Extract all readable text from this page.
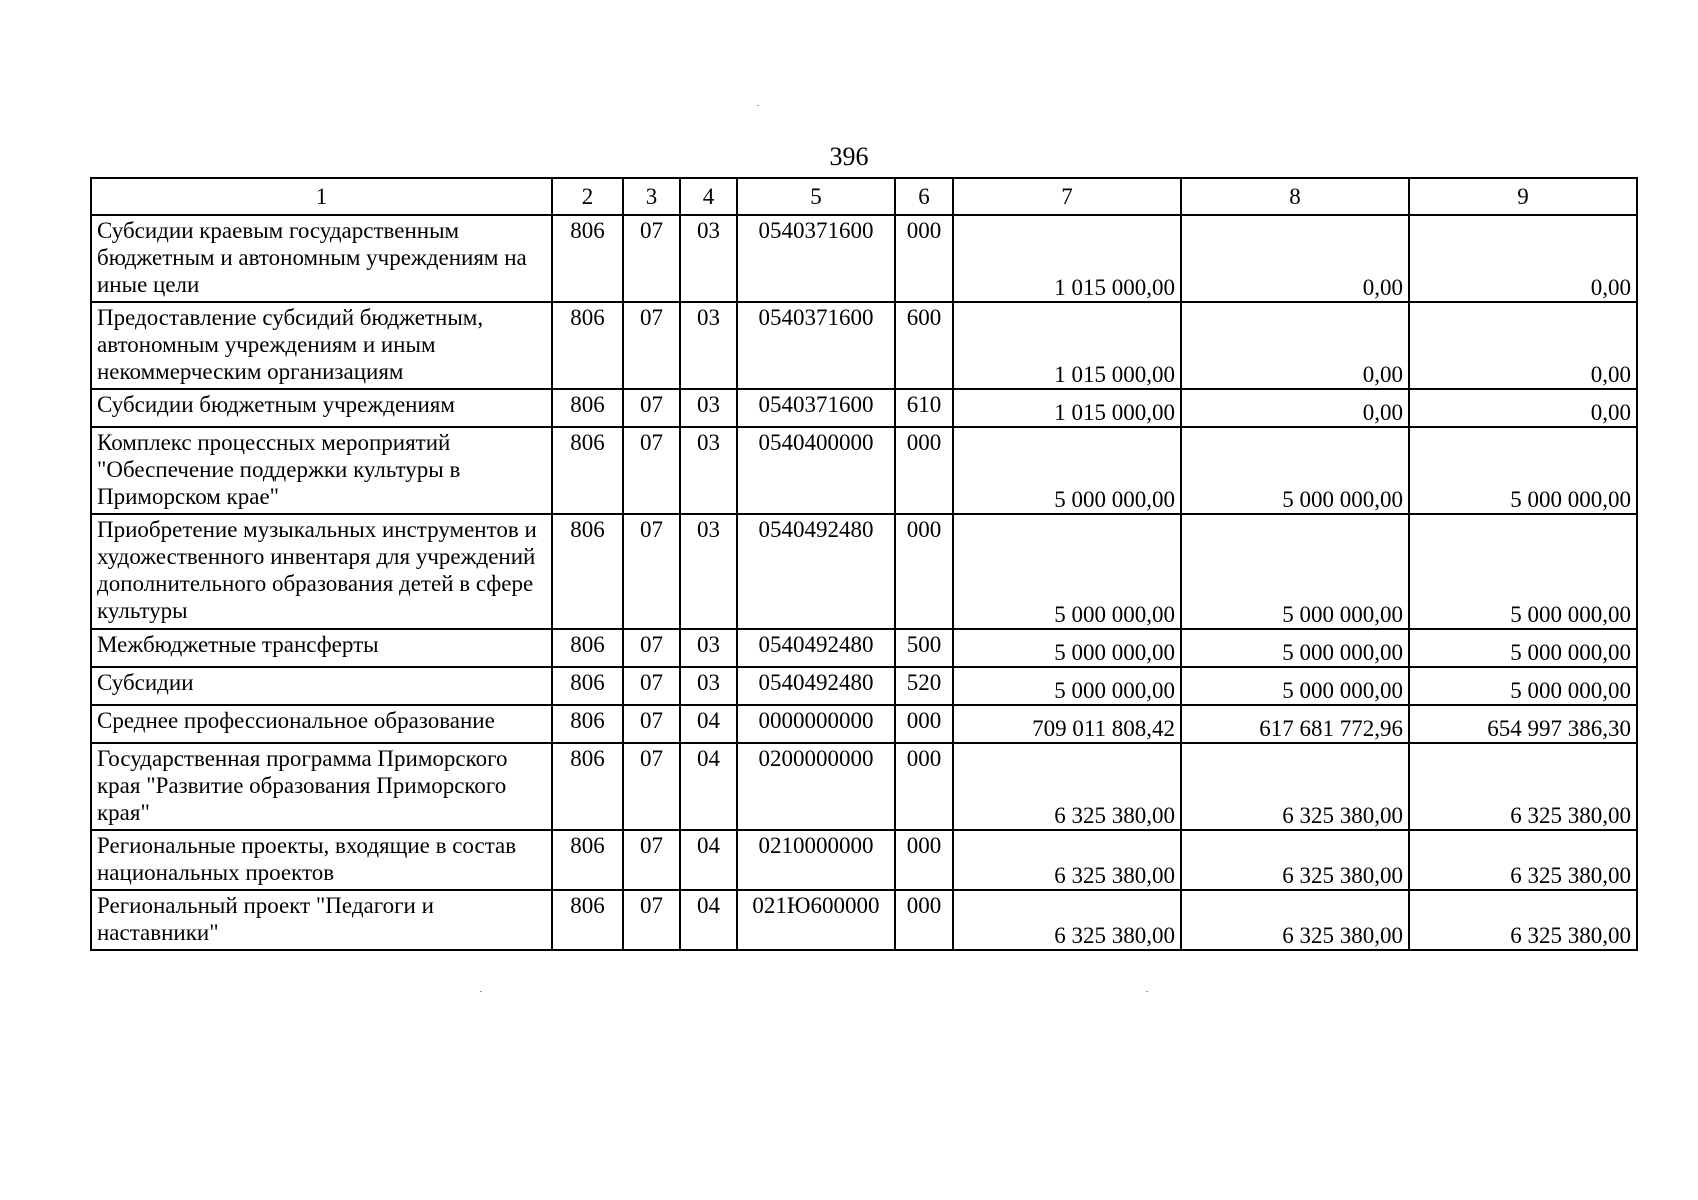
396
1	2	3	4	5	6	7	8	9
Субсидии краевым государственным бюджетным и автономным учреждениям на иные цели	806	07	03	0540371600	000	1 015 000,00	0,00	0,00
Предоставление субсидий бюджетным, автономным учреждениям и иным некоммерческим организациям	806	07	03	0540371600	600	1 015 000,00	0,00	0,00
Субсидии бюджетным учреждениям	806	07	03	0540371600	610	1 015 000,00	0,00	0,00
Комплекс процессных мероприятий "Обеспечение поддержки культуры в Приморском крае"	806	07	03	0540400000	000	5 000 000,00	5 000 000,00	5 000 000,00
Приобретение музыкальных инструментов и художественного инвентаря для учреждений дополнительного образования детей в сфере культуры	806	07	03	0540492480	000	5 000 000,00	5 000 000,00	5 000 000,00
Межбюджетные трансферты	806	07	03	0540492480	500	5 000 000,00	5 000 000,00	5 000 000,00
Субсидии	806	07	03	0540492480	520	5 000 000,00	5 000 000,00	5 000 000,00
Среднее профессиональное образование	806	07	04	0000000000	000	709 011 808,42	617 681 772,96	654 997 386,30
Государственная программа Приморского края "Развитие образования Приморского края"	806	07	04	0200000000	000	6 325 380,00	6 325 380,00	6 325 380,00
Региональные проекты, входящие в состав национальных проектов	806	07	04	0210000000	000	6 325 380,00	6 325 380,00	6 325 380,00
Региональный проект "Педагоги и наставники"	806	07	04	021Ю600000	000	6 325 380,00	6 325 380,00	6 325 380,00
